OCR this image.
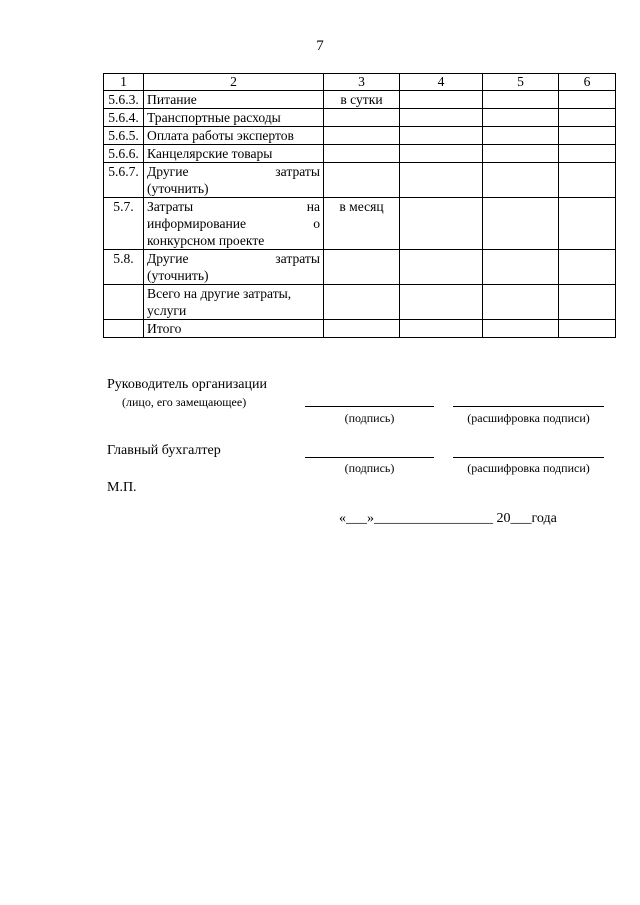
7
1	2	3	4	5	6
5.6.3.	Питание	в сутки			
5.6.4.	Транспортные расходы				
5.6.5.	Оплата работы экспертов				
5.6.6.	Канцелярские товары				
5.6.7.	Другие затраты
(уточнить)				
5.7.	Затраты на
информирование о
конкурсном проекте	в месяц			
5.8.	Другие затраты
(уточнить)				

	Всего на другие затраты,
услуги				
	Итого				
Руководитель организации
(лицо, его замещающее)
(подпись)	(расшифровка подписи)
Главный бухгалтер
(подпись)	(расшифровка подписи)
М.П.
«___»_________________ 20___года
